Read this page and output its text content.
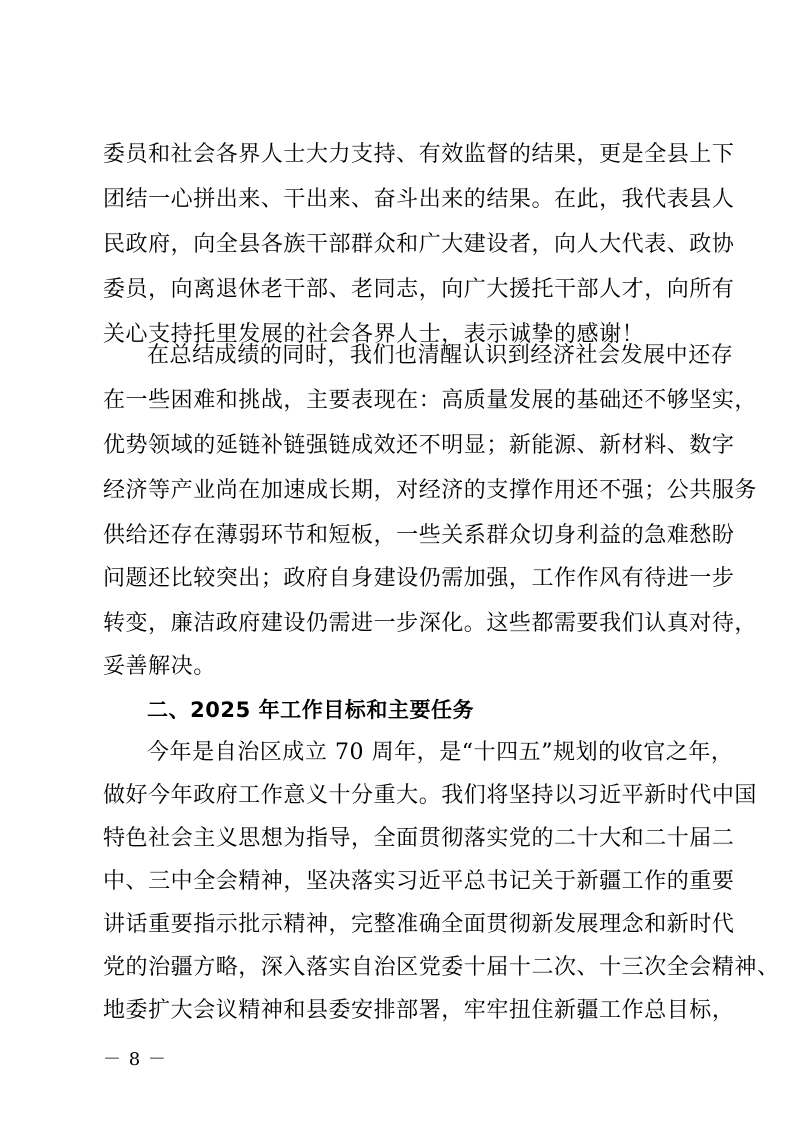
委员和社会各界人士大力支持、有效监督的结果，更是全县上下
团结一心拼出来、干出来、奋斗出来的结果。在此，我代表县人
民政府，向全县各族干部群众和广大建设者，向人大代表、政协
委员，向离退休老干部、老同志，向广大援托干部人才，向所有
关心支持托里发展的社会各界人士，表示诚挚的感谢！
在总结成绩的同时，我们也清醒认识到经济社会发展中还存
在一些困难和挑战，主要表现在：高质量发展的基础还不够坚实，
优势领域的延链补链强链成效还不明显；新能源、新材料、数字
经济等产业尚在加速成长期，对经济的支撑作用还不强；公共服务
供给还存在薄弱环节和短板，一些关系群众切身利益的急难愁盼
问题还比较突出；政府自身建设仍需加强，工作作风有待进一步
转变，廉洁政府建设仍需进一步深化。这些都需要我们认真对待，
妥善解决。
二、2025 年工作目标和主要任务
今年是自治区成立 70 周年，是“十四五”规划的收官之年，
做好今年政府工作意义十分重大。我们将坚持以习近平新时代中国
特色社会主义思想为指导，全面贯彻落实党的二十大和二十届二
中、三中全会精神，坚决落实习近平总书记关于新疆工作的重要
讲话重要指示批示精神，完整准确全面贯彻新发展理念和新时代
党的治疆方略，深入落实自治区党委十届十二次、十三次全会精神、
地委扩大会议精神和县委安排部署，牢牢扭住新疆工作总目标，
－ 8 －
